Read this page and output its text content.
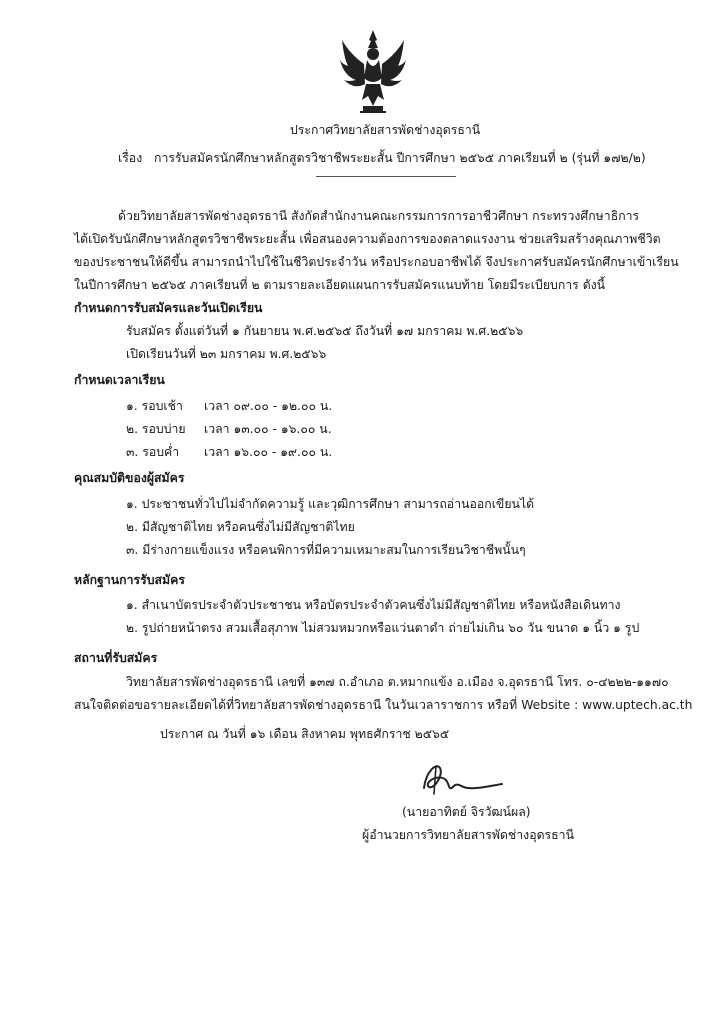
ประกาศวิทยาลัยสารพัดช่างอุดรธานี
เรื่อง การรับสมัครนักศึกษาหลักสูตรวิชาชีพระยะสั้น ปีการศึกษา ๒๕๖๕ ภาคเรียนที่ ๒ (รุ่นที่ ๑๗๒/๒)
ด้วยวิทยาลัยสารพัดช่างอุดรธานี สังกัดสำนักงานคณะกรรมการการอาชีวศึกษา กระทรวงศึกษาธิการ
ได้เปิดรับนักศึกษาหลักสูตรวิชาชีพระยะสั้น เพื่อสนองความต้องการของตลาดแรงงาน ช่วยเสริมสร้างคุณภาพชีวิต
ของประชาชนให้ดีขึ้น สามารถนำไปใช้ในชีวิตประจำวัน หรือประกอบอาชีพได้ จึงประกาศรับสมัครนักศึกษาเข้าเรียน
ในปีการศึกษา ๒๕๖๕ ภาคเรียนที่ ๒ ตามรายละเอียดแผนการรับสมัครแนบท้าย โดยมีระเบียบการ ดังนี้
กำหนดการรับสมัครและวันเปิดเรียน
รับสมัคร ตั้งแต่วันที่ ๑ กันยายน พ.ศ.๒๕๖๕ ถึงวันที่ ๑๗ มกราคม พ.ศ.๒๕๖๖
เปิดเรียนวันที่ ๒๓ มกราคม พ.ศ.๒๕๖๖
กำหนดเวลาเรียน
๑. รอบเช้า เวลา ๐๙.๐๐ - ๑๒.๐๐ น.
๒. รอบบ่าย เวลา ๑๓.๐๐ - ๑๖.๐๐ น.
๓. รอบค่ำ เวลา ๑๖.๐๐ - ๑๙.๐๐ น.
คุณสมบัติของผู้สมัคร
๑. ประชาชนทั่วไปไม่จำกัดความรู้ และวุฒิการศึกษา สามารถอ่านออกเขียนได้
๒. มีสัญชาติไทย หรือคนซึ่งไม่มีสัญชาติไทย
๓. มีร่างกายแข็งแรง หรือคนพิการที่มีความเหมาะสมในการเรียนวิชาชีพนั้นๆ
หลักฐานการรับสมัคร
๑. สำเนาบัตรประจำตัวประชาชน หรือบัตรประจำตัวคนซึ่งไม่มีสัญชาติไทย หรือหนังสือเดินทาง
๒. รูปถ่ายหน้าตรง สวมเสื้อสุภาพ ไม่สวมหมวกหรือแว่นตาดำ ถ่ายไม่เกิน ๖๐ วัน ขนาด ๑ นิ้ว ๑ รูป
สถานที่รับสมัคร
วิทยาลัยสารพัดช่างอุดรธานี เลขที่ ๑๓๗ ถ.อำเภอ ต.หมากแข้ง อ.เมือง จ.อุดรธานี โทร. ๐-๔๒๒๒-๑๑๗๐
สนใจติดต่อขอรายละเอียดได้ที่วิทยาลัยสารพัดช่างอุดรธานี ในวันเวลาราชการ หรือที่ Website : www.uptech.ac.th
ประกาศ ณ วันที่ ๑๖ เดือน สิงหาคม พุทธศักราช ๒๕๖๕
(นายอาทิตย์ จิรวัฒน์ผล)
ผู้อำนวยการวิทยาลัยสารพัดช่างอุดรธานี
